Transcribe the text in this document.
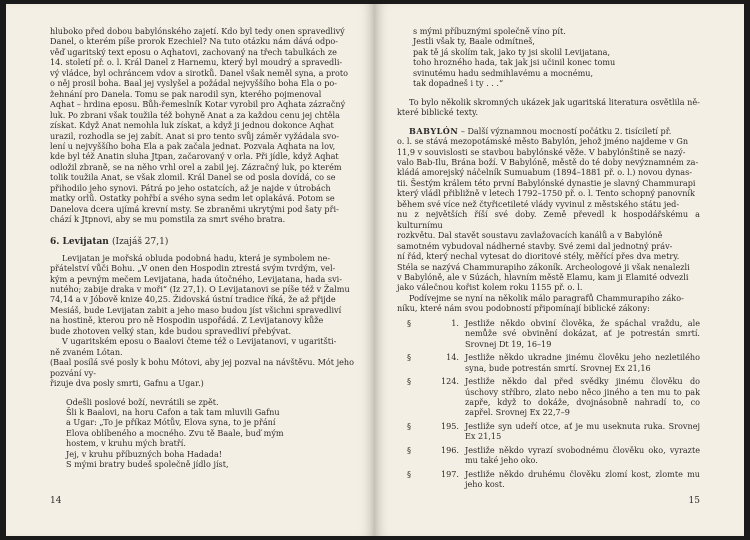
hluboko před dobou babylónského zajetí. Kdo byl tedy onen spravedlivý
Danel, o kterém píše prorok Ezechiel? Na tuto otázku nám dává odpo-
věď ugaritský text eposu o Aqhatovi, zachovaný na třech tabulkách ze
14. století př. o. l. Král Danel z Harnemu, který byl moudrý a spravedli-
vý vládce, byl ochráncem vdov a sirotků. Danel však neměl syna, a proto
o něj prosil boha. Baal jej vyslyšel a požádal nejvyššího boha Ela o po-
žehnání pro Danela. Tomu se pak narodil syn, kterého pojmenoval
Aqhat – hrdina eposu. Bůh-řemeslník Kotar vyrobil pro Aqhata zázračný
luk. Po zbrani však toužila též bohyně Anat a za každou cenu jej chtěla
získat. Když Anat nemohla luk získat, a když ji jednou dokonce Aqhat
urazil, rozhodla se jej zabít. Anat si pro tento svůj záměr vyžádala svo-
lení u nejvyššího boha Ela a pak začala jednat. Pozvala Aqhata na lov,
kde byl též Anatin sluha Jtpan, začarovaný v orla. Při jídle, když Aqhat
odložil zbraně, se na něho vrhl orel a zabil jej. Zázračný luk, po kterém
tolik toužila Anat, se však zlomil. Král Danel se od posla dovídá, co se
přihodilo jeho synovi. Pátrá po jeho ostatcích, až je najde v útrobách
matky orlů. Ostatky pohřbí a svého syna sedm let oplakává. Potom se
Danelova dcera ujímá krevní msty. Se zbraněmi ukrytými pod šaty při-
chází k Jtpnovi, aby se mu pomstila za smrt svého bratra.
6. Levijatan (Izajáš 27,1)
Levijatan je mořská obluda podobná hadu, která je symbolem ne-
přátelství vůči Bohu. „V onen den Hospodin ztrestá svým tvrdým, vel-
kým a pevným mečem Levijatana, hada útočného, Levijatana, hada svi-
nutého; zabije draka v moři“ (Iz 27,1). O Levijatanovi se píše též v Žalmu
74,14 a v Jóbově knize 40,25. Židovská ústní tradice říká, že až přijde
Mesiáš, bude Levijatan zabit a jeho maso budou jíst všichni spravedliví
na hostině, kterou pro ně Hospodin uspořádá. Z Levijatanovy kůže
bude zhotoven velký stan, kde budou spravedliví přebývat.
V ugaritském eposu o Baalovi čteme též o Levijatanovi, v ugaritšti-
ně zvaném Lótan.
(Baal posílá své posly k bohu Mótovi, aby jej pozval na návštěvu. Mót jeho pozvání vy-
řizuje dva posly smrti, Gafnu a Ugar.)
Odešli poslové boží, nevrátili se zpět.
Šli k Baalovi, na horu Cafon a tak tam mluvili Gafnu
a Ugar: „To je příkaz Mótův, Elova syna, to je přání
Elova oblíbeného a mocného. Zvu tě Baale, buď mým
hostem, v kruhu mých bratří.
Jej, v kruhu příbuzných boha Hadada!
S mými bratry budeš společně jídlo jíst,
14
s mými příbuznými společně víno pít.
Jestli však ty, Baale odmítneš,
pak tě já skolím tak, jako ty jsi skolil Levijatana,
toho hrozného hada, tak jak jsi učinil konec tomu
svinutému hadu sedmihlavému a mocnému,
tak dopadneš i ty . . .“
To bylo několik skromných ukázek jak ugaritská literatura osvětlila ně-
které biblické texty.
BABYLÓN – Další významnou mocností počátku 2. tisíciletí př.
o. l. se stává mezopotámské město Babylón, jehož jméno najdeme v Gn
11,9 v souvislosti se stavbou babylónské věže. V babylónštině se nazý-
valo Bab-Ilu, Brána boží. V Babylóně, městě do té doby nevýznamném za-
kládá amorejský náčelník Sumuabum (1894–1881 př. o. l.) novou dynas-
tii. Šestým králem této první Babylónské dynastie je slavný Chammurapi
který vládl přibližně v letech 1792–1750 př. o. l. Tento schopný panovník
během své více než čtyřicetileté vlády vyvinul z městského státu jed-
nu z největších říší své doby. Země převedl k hospodářskému a kulturnímu
rozkvětu. Dal stavět soustavu zavlažovacích kanálů a v Babylóně
samotném vybudoval nádherné stavby. Své zemi dal jednotný práv-
ní řád, který nechal vytesat do dioritové stély, měřící přes dva metry.
Stéla se nazývá Chammurapiho zákoník. Archeologové ji však nenalezli
v Babylóně, ale v Súzách, hlavním městě Elamu, kam ji Elamité odvezli
jako válečnou kořist kolem roku 1155 př. o. l.
Podívejme se nyní na několik málo paragrafů Chammurapiho záko-
níku, které nám svou podobností připomínají biblické zákony:
§	1. Jestliže někdo obviní člověka, že spáchal vraždu, ale nemůže své obvinění dokázat, ať je potrestán smrtí. Srovnej Dt 19, 16–19
§	14. Jestliže někdo ukradne jinému člověku jeho nezletilého syna, bude potrestán smrtí. Srovnej Ex 21,16
§	124. Jestliže někdo dal před svědky jinému člověku do úschovy stříbro, zlato nebo něco jiného a ten mu to pak zapře, když to dokáže, dvojnásobně nahradí to, co zapřel. Srovnej Ex 22,7–9
§	195. Jestliže syn udeří otce, ať je mu useknuta ruka. Srovnej Ex 21,15
§	196. Jestliže někdo vyrazí svobodnému člověku oko, vyrazte mu také jeho oko.
§	197. Jestliže někdo druhému člověku zlomí kost, zlomte mu jeho kost.
15
